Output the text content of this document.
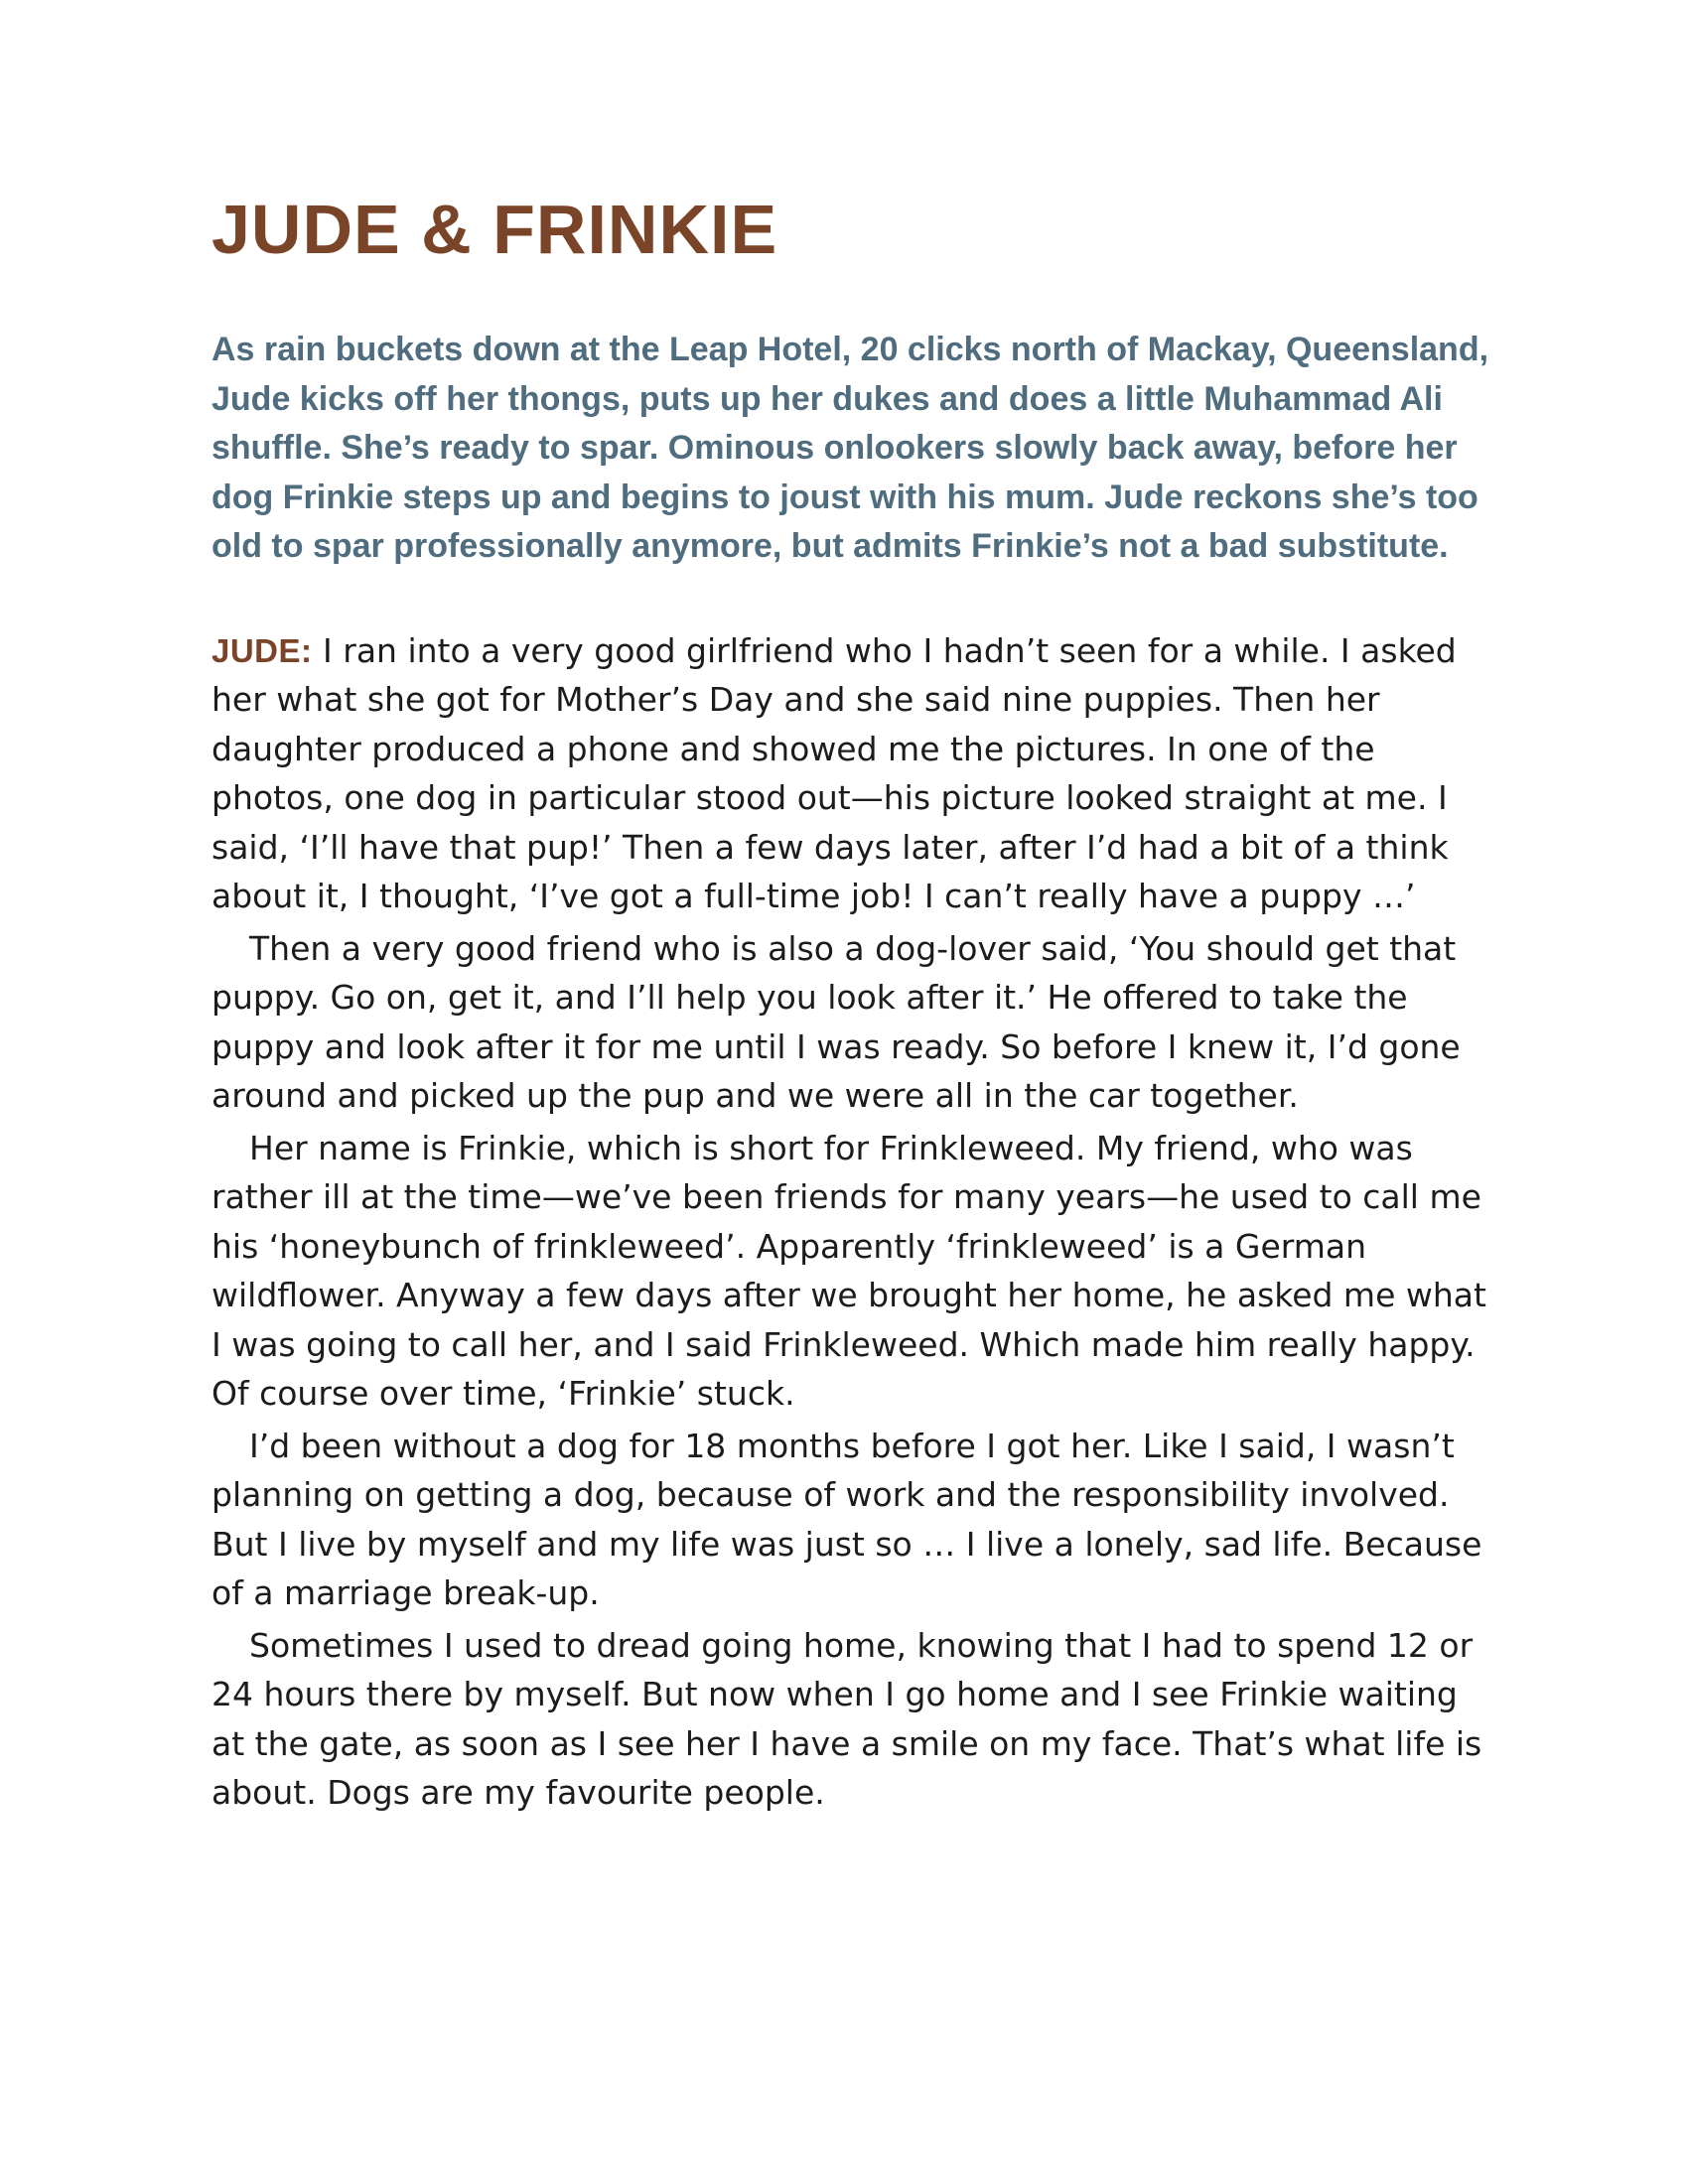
JUDE & FRINKIE

As rain buckets down at the Leap Hotel, 20 clicks north of Mackay, Queensland, Jude kicks off her thongs, puts up her dukes and does a little Muhammad Ali shuffle. She’s ready to spar. Ominous onlookers slowly back away, before her dog Frinkie steps up and begins to joust with his mum. Jude reckons she’s too old to spar professionally anymore, but admits Frinkie’s not a bad substitute.

JUDE: I ran into a very good girlfriend who I hadn’t seen for a while. I asked her what she got for Mother’s Day and she said nine puppies. Then her daughter produced a phone and showed me the pictures. In one of the photos, one dog in particular stood out—his picture looked straight at me. I said, ‘I’ll have that pup!’ Then a few days later, after I’d had a bit of a think about it, I thought, ‘I’ve got a full-time job! I can’t really have a puppy …’

Then a very good friend who is also a dog-lover said, ‘You should get that puppy. Go on, get it, and I’ll help you look after it.’ He offered to take the puppy and look after it for me until I was ready. So before I knew it, I’d gone around and picked up the pup and we were all in the car together.

Her name is Frinkie, which is short for Frinkleweed. My friend, who was rather ill at the time—we’ve been friends for many years—he used to call me his ‘honeybunch of frinkleweed’. Apparently ‘frinkleweed’ is a German wildflower. Anyway a few days after we brought her home, he asked me what I was going to call her, and I said Frinkleweed. Which made him really happy. Of course over time, ‘Frinkie’ stuck.

I’d been without a dog for 18 months before I got her. Like I said, I wasn’t planning on getting a dog, because of work and the responsibility involved. But I live by myself and my life was just so … I live a lonely, sad life. Because of a marriage break-up.

Sometimes I used to dread going home, knowing that I had to spend 12 or 24 hours there by myself. But now when I go home and I see Frinkie waiting at the gate, as soon as I see her I have a smile on my face. That’s what life is about. Dogs are my favourite people.
